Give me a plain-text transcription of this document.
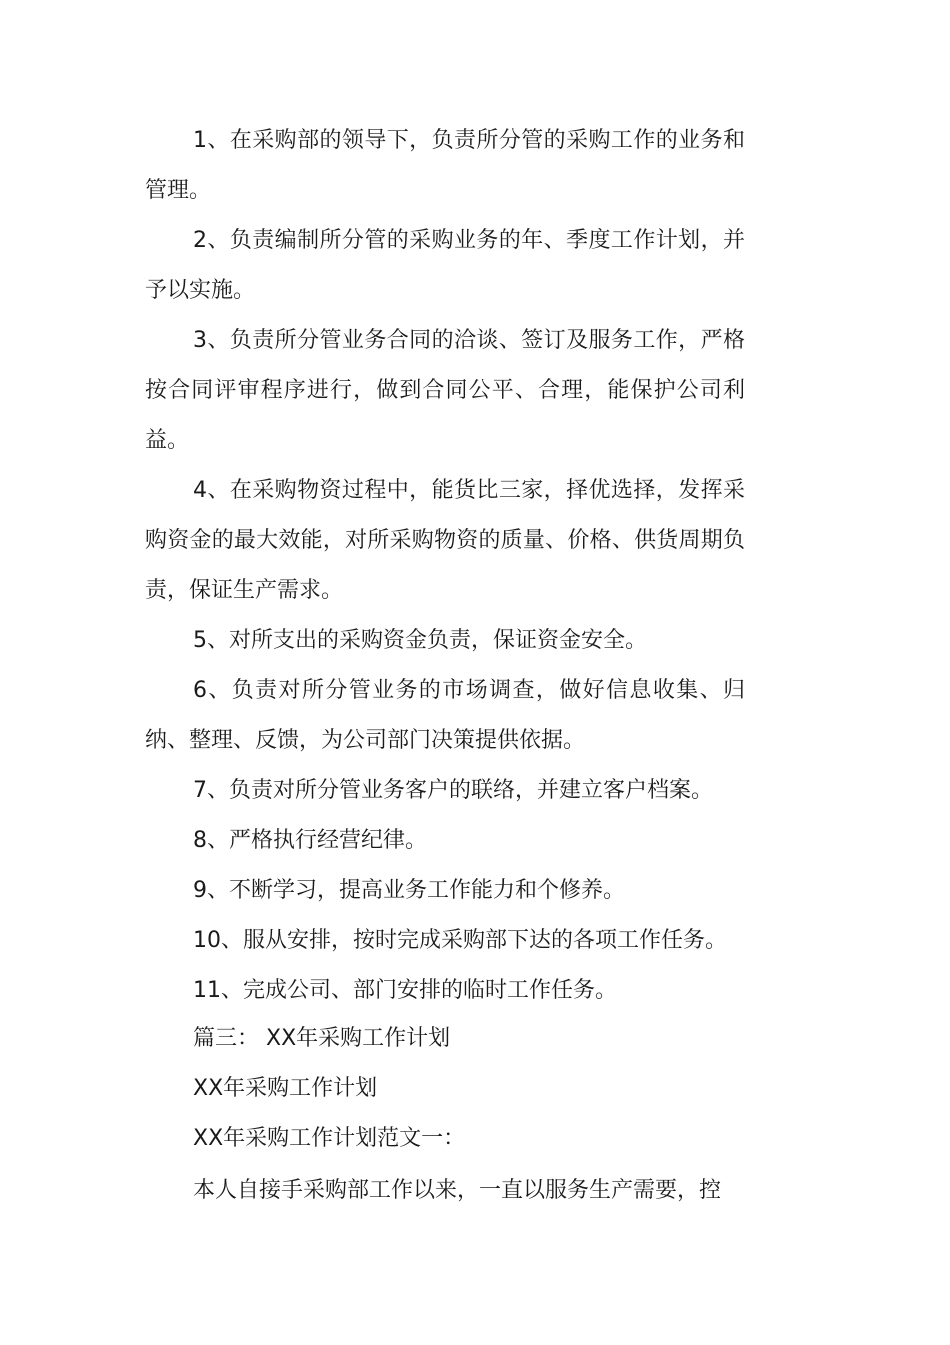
1、在采购部的领导下，负责所分管的采购工作的业务和管理。

2、负责编制所分管的采购业务的年、季度工作计划，并予以实施。

3、负责所分管业务合同的洽谈、签订及服务工作，严格按合同评审程序进行，做到合同公平、合理，能保护公司利益。

4、在采购物资过程中，能货比三家，择优选择，发挥采购资金的最大效能，对所采购物资的质量、价格、供货周期负责，保证生产需求。

5、对所支出的采购资金负责，保证资金安全。

6、负责对所分管业务的市场调查，做好信息收集、归纳、整理、反馈，为公司部门决策提供依据。

7、负责对所分管业务客户的联络，并建立客户档案。

8、严格执行经营纪律。

9、不断学习，提高业务工作能力和个修养。

10、服从安排，按时完成采购部下达的各项工作任务。

11、完成公司、部门安排的临时工作任务。

篇三： XX年采购工作计划

XX年采购工作计划

XX年采购工作计划范文一：

本人自接手采购部工作以来，一直以服务生产需要，控
